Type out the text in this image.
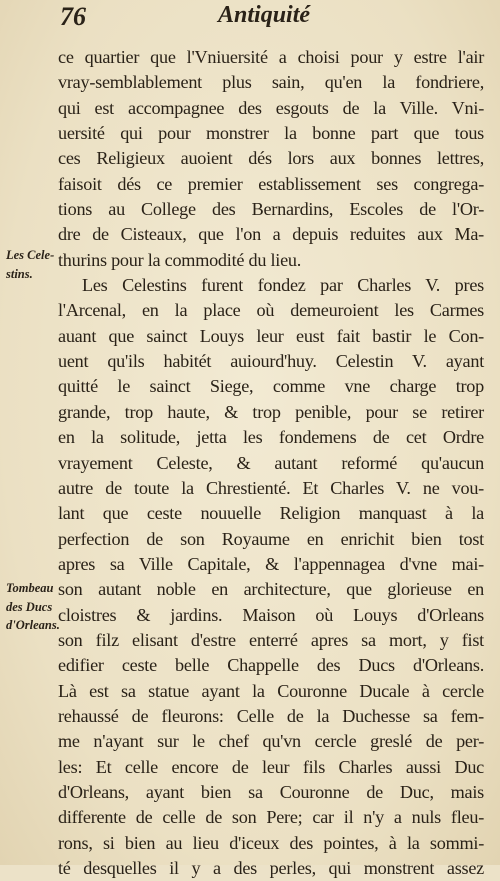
76	Antiquité
Les Cele-
stins.
Tombeau
des Ducs
d'Orleans.
ce quartier que l'Vniuersité a choisi pour y estre l'air
vray-semblablement plus sain, qu'en la fondriere,
qui est accompagnee des esgouts de la Ville. Vni-
uersité qui pour monstrer la bonne part que tous
ces Religieux auoient dés lors aux bonnes lettres,
faisoit dés ce premier establissement ses congrega-
tions au College des Bernardins, Escoles de l'Or-
dre de Cisteaux, que l'on a depuis reduites aux Ma-
thurins pour la commodité du lieu.
Les Celestins furent fondez par Charles V. pres
l'Arcenal, en la place où demeuroient les Carmes
auant que sainct Louys leur eust fait bastir le Con-
uent qu'ils habitét auiourd'huy. Celestin V. ayant
quitté le sainct Siege, comme vne charge trop
grande, trop haute, & trop penible, pour se retirer
en la solitude, jetta les fondemens de cet Ordre
vrayement Celeste, & autant reformé qu'aucun
autre de toute la Chrestienté. Et Charles V. ne vou-
lant que ceste nouuelle Religion manquast à la
perfection de son Royaume en enrichit bien tost
apres sa Ville Capitale, & l'appennagea d'vne mai-
son autant noble en architecture, que glorieuse en
cloistres & jardins. Maison où Louys d'Orleans
son filz elisant d'estre enterré apres sa mort, y fist
edifier ceste belle Chappelle des Ducs d'Orleans.
Là est sa statue ayant la Couronne Ducale à cercle
rehaussé de fleurons: Celle de la Duchesse sa fem-
me n'ayant sur le chef qu'vn cercle greslé de per-
les: Et celle encore de leur fils Charles aussi Duc
d'Orleans, ayant bien sa Couronne de Duc, mais
differente de celle de son Pere; car il n'y a nuls fleu-
rons, si bien au lieu d'iceux des pointes, à la sommi-
té desquelles il y a des perles, qui monstrent assez
